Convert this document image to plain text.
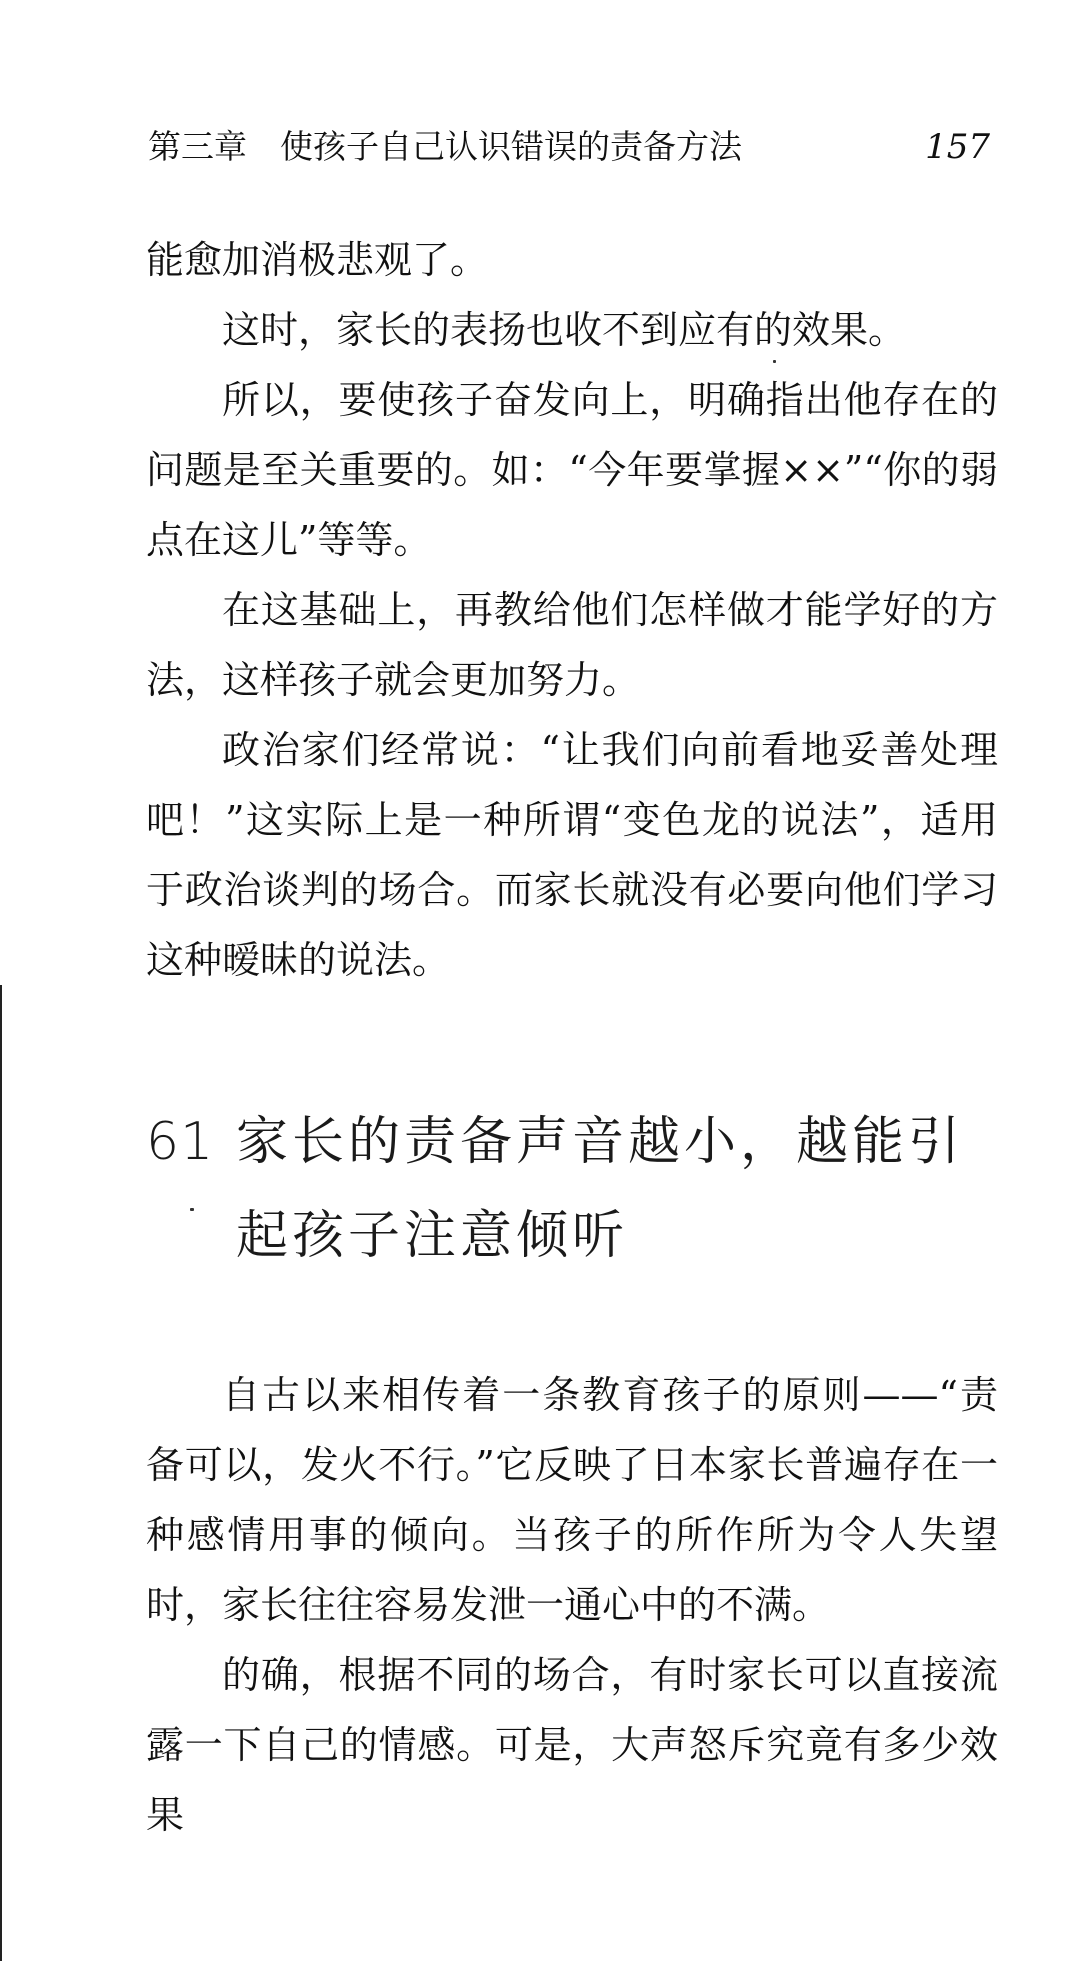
第三章　使孩子自己认识错误的责备方法	157

能愈加消极悲观了。

这时，家长的表扬也收不到应有的效果。

所以，要使孩子奋发向上，明确指出他存在的问题是至关重要的。如：“今年要掌握××”“你的弱点在这儿”等等。

在这基础上，再教给他们怎样做才能学好的方法，这样孩子就会更加努力。

政治家们经常说：“让我们向前看地妥善处理吧！”这实际上是一种所谓“变色龙的说法”，适用于政治谈判的场合。而家长就没有必要向他们学习这种暧昧的说法。

61 家长的责备声音越小，越能引起孩子注意倾听

自古以来相传着一条教育孩子的原则——“责备可以，发火不行。”它反映了日本家长普遍存在一种感情用事的倾向。当孩子的所作所为令人失望时，家长往往容易发泄一通心中的不满。

的确，根据不同的场合，有时家长可以直接流露一下自己的情感。可是，大声怒斥究竟有多少效果
